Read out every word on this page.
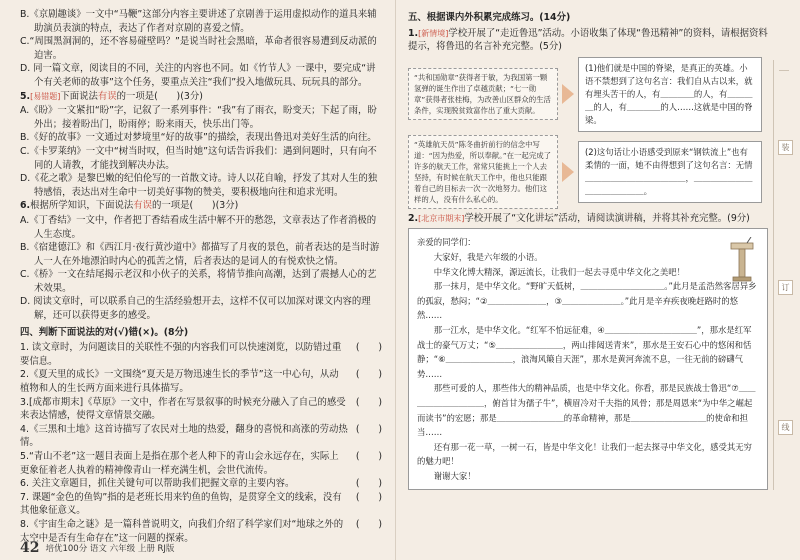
B.《京剧趣谈》一文中“马鞭”这部分内容主要讲述了京剧善于运用虚拟动作的道具来辅助演员表演的特点，表达了作者对京剧的喜爱之情。

C.“周围黑洞洞的，还不容易碰壁吗？”是说当时社会黑暗，革命者很容易遭到反动派的迫害。

D. 同一篇文章，阅读目的不同，关注的内容也不同。如《竹节人》一课中，要完成“讲个有关老师的故事”这个任务，要重点关注“我们”投入地做玩具、玩玩具的部分。

5.[易错题]下面说法有误的一项是(　　)(3分)

A.《盼》一文紧扣“盼”字，记叙了一系列事件：“我”有了雨衣，盼变天；下起了雨，盼外出；接着盼出门，盼雨停；盼来雨天，快乐出门等。

B.《好的故事》一文通过对梦境里“好的故事”的描绘，表现出鲁迅对美好生活的向往。

C.《卡罗莱纳》一文中“树当时叹，但当时她”这句话告诉我们：遇到问题时，只有向不同的人请教，才能找到解决办法。

D.《花之歌》是黎巴嫩的纪伯伦写的一首散文诗。诗人以花自喻，抒发了其对人生的独特感悟，表达出对生命中一切美好事物的赞美，要积极地向往和追求光明。

6.根据所学知识，下面说法有误的一项是(　　)(3分)

A.《丁香结》一文中，作者把丁香结看成生活中解不开的愁怨，文章表达了作者消极的人生态度。

B.《宿建德江》和《西江月·夜行黄沙道中》都描写了月夜的景色，前者表达的是当时游人一人在外地漂泊时内心的孤苦之情，后者表达的是词人的有悦欢快之情。

C.《桥》一文在结尾揭示老汉和小伙子的关系，将情节推向高潮，达到了震撼人心的艺术效果。

D. 阅读文章时，可以联系自己的生活经验想开去，这样不仅可以加深对课文内容的理解，还可以获得更多的感受。

四、判断下面说法的对(√)错(×)。(8分)
1. 读文章时，为问题读目的关联性不强的内容我们可以快速浏览，以防错过重要信息。
(　　)
2.《夏天里的成长》一文围绕“夏天是万物迅速生长的季节”这一中心句，从动植物和人的生长两方面来进行具体描写。
(　　)
3.[成都市期末]《草原》一文中，作者在写景叙事的时候充分融入了自己的感受来表达情感，使得文章情景交融。
(　　)
4.《三黑和土地》这首诗描写了农民对土地的热爱，翻身的喜悦和高涨的劳动热情。
(　　)
5.“青山不老”这一题目表面上是指在那个老人种下的青山会永远存在，实际上更象征着老人执着的精神像青山一样充满生机，会世代流传。
(　　)
6. 关注文章题目，抓住关键句可以帮助我们把握文章的主要内容。	(　　)
7. 课题“金色的鱼钩”指的是老班长用来钓鱼的鱼钩，是贯穿全文的线索，没有其他象征意义。
(　　)
8.《宇宙生命之谜》是一篇科普说明文，向我们介绍了科学家们对“地球之外的太空中是否有生命存在”这一问题的探索。
(　　)
五、根据课内外积累完成练习。(14分)

1.[新情境]学校开展了“走近鲁迅”活动。小语收集了体现“鲁迅精神”的资料，请根据资料提示，将鲁迅的名言补充完整。(5分)

“共和国勋章”获得者于敏，为我国第一颗氢弹的诞生作出了卓越贡献；“七一勋章”获得者张桂梅，为改善山区群众的生活条件，实现脱贫致富作出了重大贡献。
(1)他们就是中国的脊梁，是真正的英雄。小语不禁想到了这句名言：我们自从古以来，就有埋头苦干的人，有＿＿＿＿的人，有＿＿＿＿的人，有＿＿＿＿的人……这就是中国的脊梁。
“英雄航天员”陈冬曲折前行的信念中写道：“因为热爱，所以奉献。”在一起完成了许多的航天工作，常常只能挑上一个人去坚持，有时候在航天工作中，他也只能跟着自己的目标去一次一次地努力。他们这样的人，没有什么私心的。
(2)这句话让小语感受到原来“钢铁流上”也有柔情的一面，她不由得想到了这句名言：无情＿＿＿＿＿＿＿＿＿＿＿＿，＿＿＿＿＿＿＿＿＿＿＿＿＿＿。

2.[北京市期末]学校开展了“文化讲坛”活动，请阅读演讲稿，并将其补充完整。(9分)

亲爱的同学们：

大家好，我是六年级的小语。

中华文化博大精深，源远流长，让我们一起去寻觅中华文化之美吧！

那一抹月，是中华文化。“野旷天低树，＿＿＿＿＿＿＿＿＿＿。”此月是孟浩然客居异乡的孤寂，愁闷；“②＿＿＿＿＿＿＿，③＿＿＿＿＿＿＿。”此月是辛弃疾夜晚赶路时的悠然……

那一江水，是中华文化。“红军不怕远征难，④＿＿＿＿＿＿＿＿＿＿＿”，那水是红军战士的豪气万丈；“⑤＿＿＿＿＿＿＿＿，两山排闼送青来”，那水是王安石心中的悠闲和恬静；“⑥＿＿＿＿＿＿＿＿，浪淘风簸自天涯”，那水是黄河奔流不息，一往无前的磅礴气势……

那些可爱的人，那些伟大的精神品质，也是中华文化。你看，那是民族战士鲁迅“⑦＿＿＿＿＿＿＿＿＿＿，俯首甘为孺子牛”，横眉冷对千夫指的风骨；那是周恩来“为中华之崛起而读书”的宏愿；那是＿＿＿＿＿＿＿＿的革命精神，那是＿＿＿＿＿＿＿＿＿的使命和担当……

还有那一花一草，一树一石，皆是中华文化！让我们一起去探寻中华文化，感受其无穷的魅力吧！

谢谢大家！

装
订
线
42 培优100分 语文 六年级 上册 RJ版
